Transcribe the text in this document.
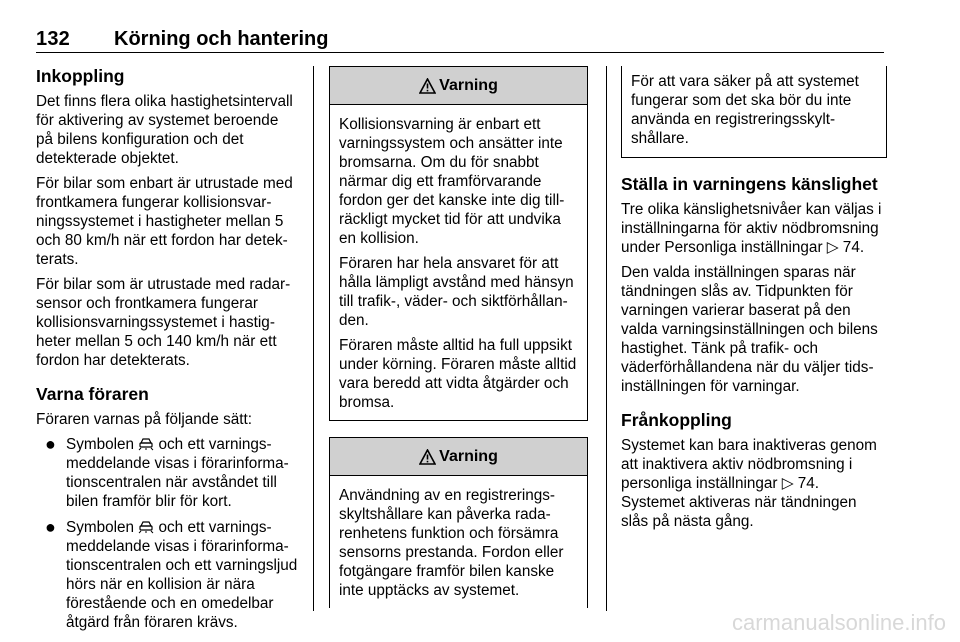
132 Körning och hantering
Inkoppling

Det finns flera olika hastighetsintervall för aktivering av systemet beroende på bilens konfiguration och det detekterade objektet.

För bilar som enbart är utrustade med frontkamera fungerar kollisionsvarningssystemet i hastigheter mellan 5 och 80 km/h när ett fordon har detekterats.

För bilar som är utrustade med radarsensor och frontkamera fungerar kollisionsvarningssystemet i hastigheter mellan 5 och 140 km/h när ett fordon har detekterats.

Varna föraren

Föraren varnas på följande sätt:

● Symbolen och ett varningsmeddelande visas i förarinformationscentralen när avståndet till bilen framför blir för kort.
● Symbolen och ett varningsmeddelande visas i förarinformationscentralen och ett varningsljud hörs när en kollision är nära förestående och en omedelbar åtgärd från föraren krävs.
Varning

Kollisionsvarning är enbart ett varningssystem och ansätter inte bromsarna. Om du för snabbt närmar dig ett framförvarande fordon ger det kanske inte dig tillräckligt mycket tid för att undvika en kollision.

Föraren har hela ansvaret för att hålla lämpligt avstånd med hänsyn till trafik-, väder- och siktförhållanden.

Föraren måste alltid ha full uppsikt under körning. Föraren måste alltid vara beredd att vidta åtgärder och bromsa.

Varning

Användning av en registreringsskyltshållare kan påverka radarenhetens funktion och försämra sensorns prestanda. Fordon eller fotgängare framför bilen kanske inte upptäcks av systemet.

För att vara säker på att systemet fungerar som det ska bör du inte använda en registreringsskyltshållare.

Ställa in varningens känslighet

Tre olika känslighetsnivåer kan väljas i inställningarna för aktiv nödbromsning under Personliga inställningar ▷ 74.

Den valda inställningen sparas när tändningen slås av. Tidpunkten för varningen varierar baserat på den valda varningsinställningen och bilens hastighet. Tänk på trafik- och väderförhållandena när du väljer tidsinställningen för varningar.

Frånkoppling

Systemet kan bara inaktiveras genom att inaktivera aktiv nödbromsning i personliga inställningar ▷ 74.

Systemet aktiveras när tändningen slås på nästa gång.

carmanualsonline.info
